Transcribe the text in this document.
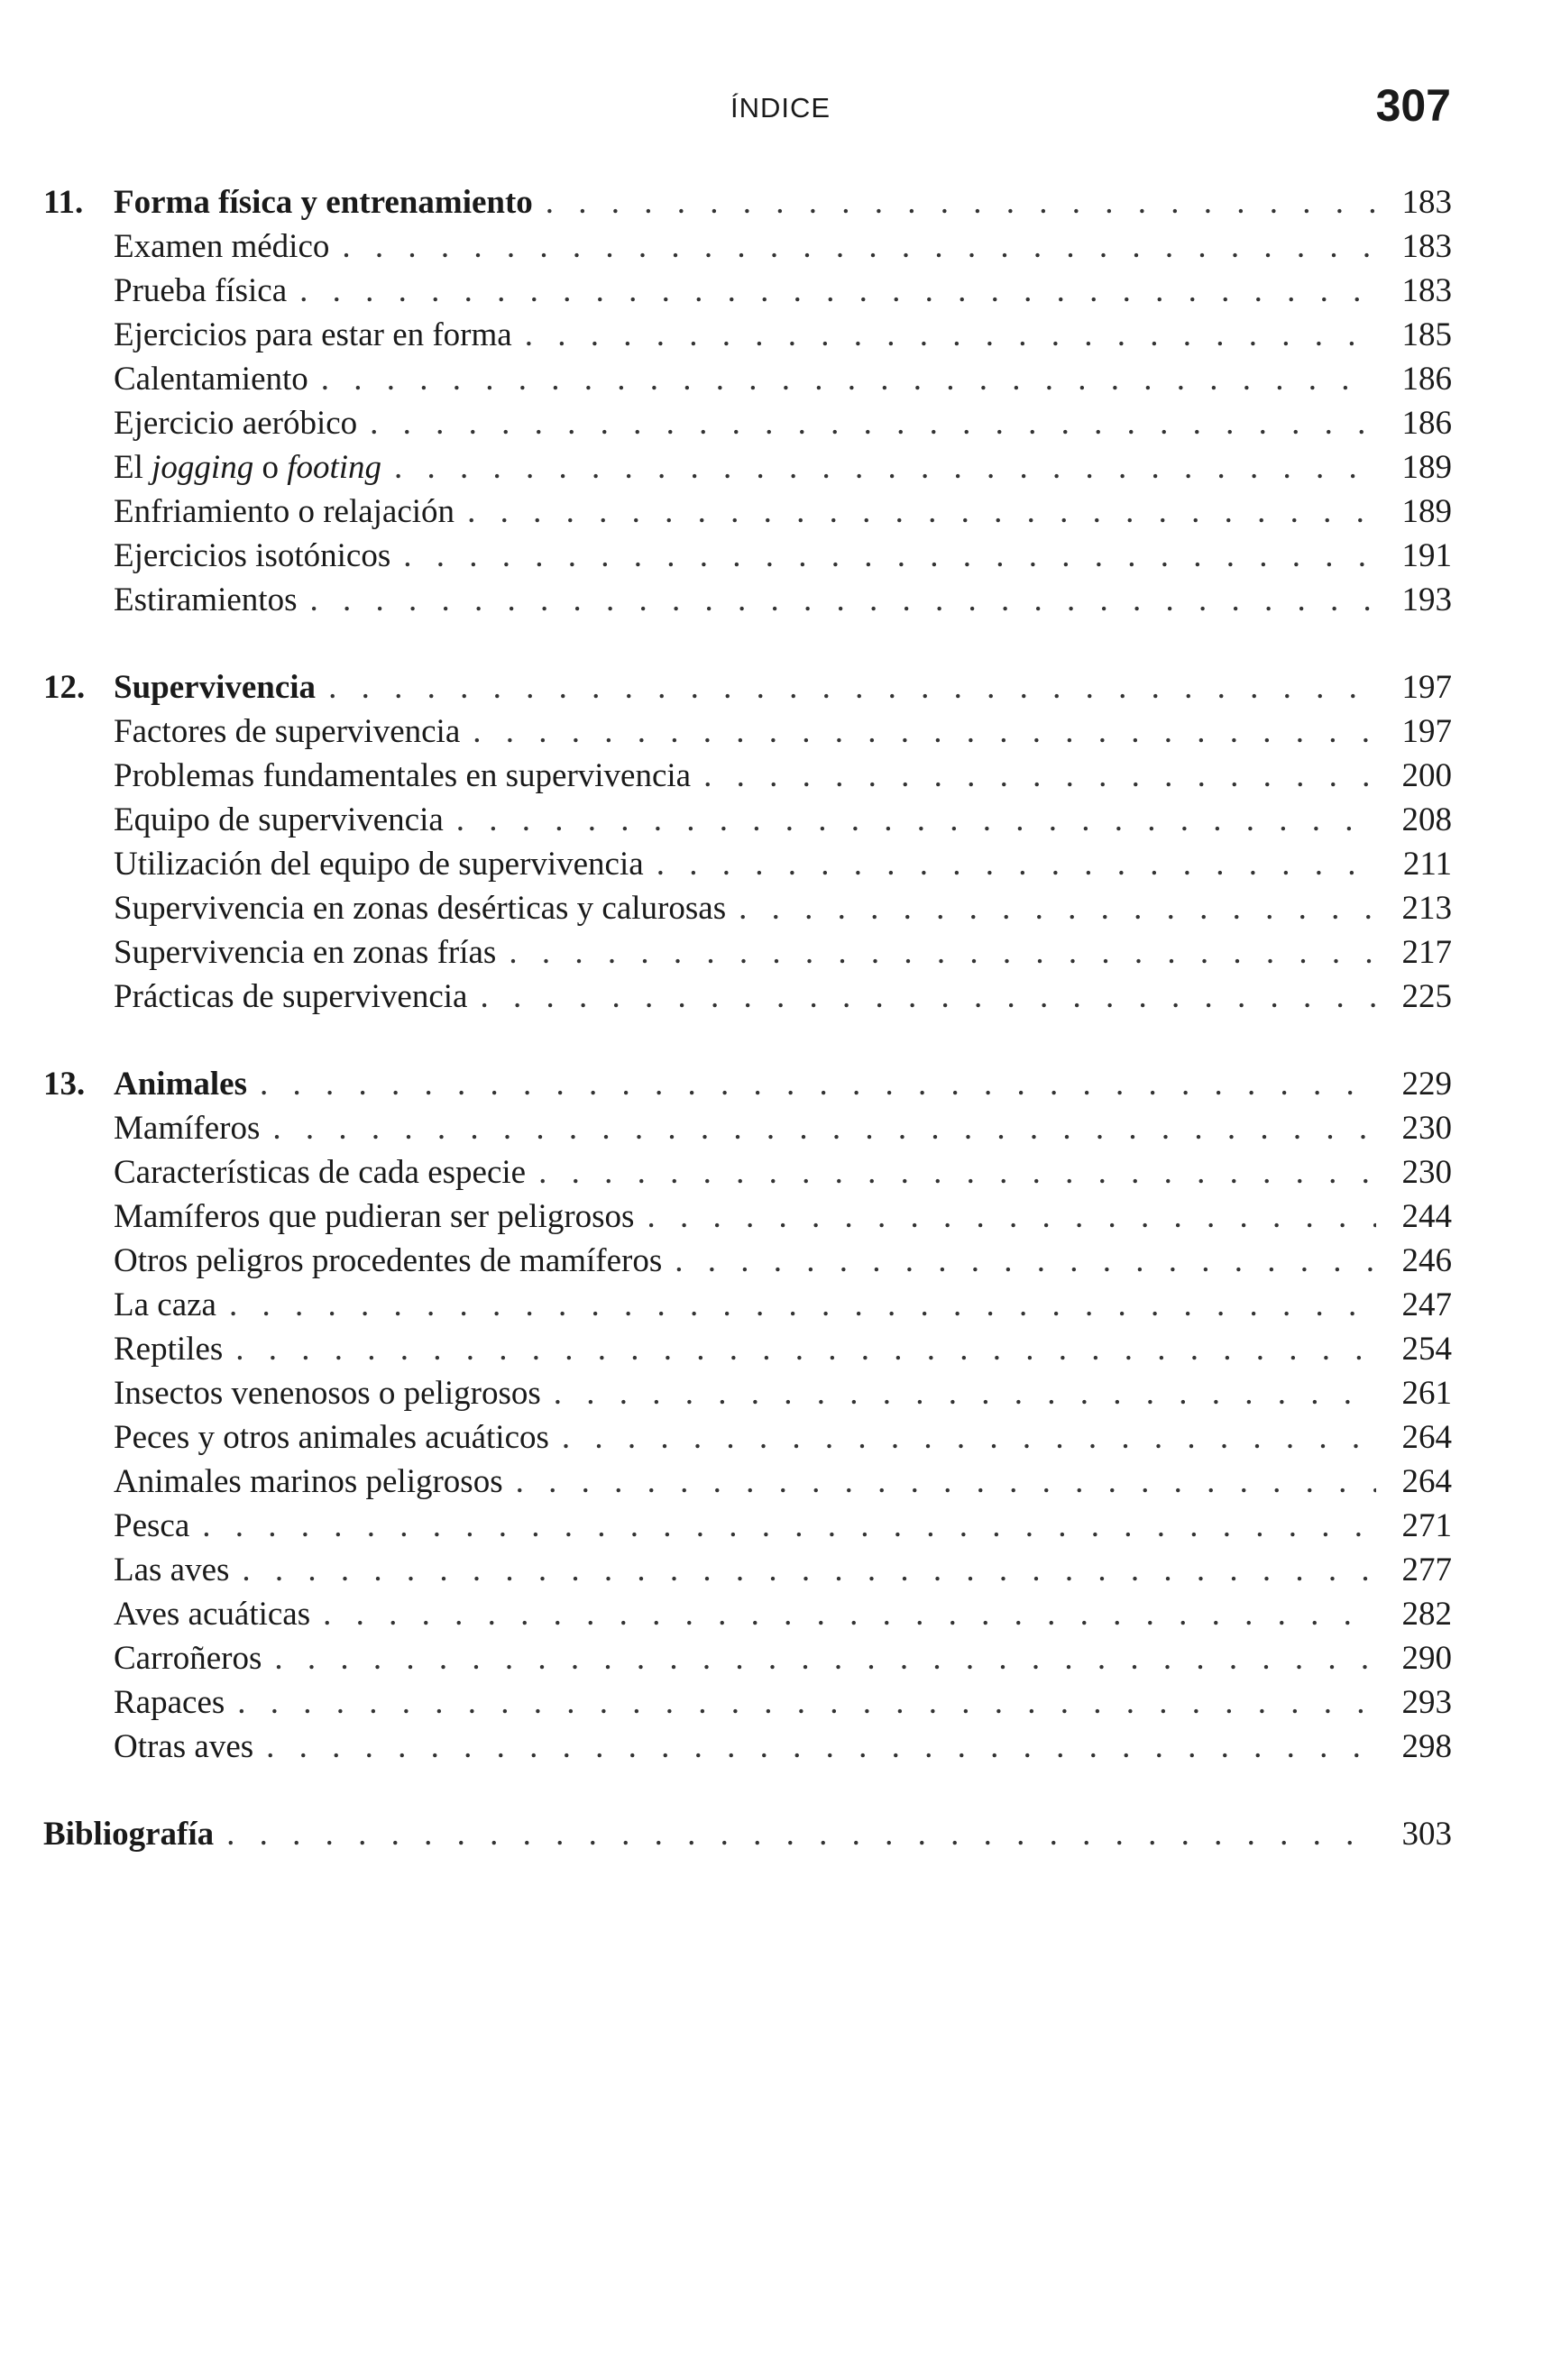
ÍNDICE	307
11. Forma física y entrenamiento . . .	183
Examen médico . . .	183
Prueba física . . .	183
Ejercicios para estar en forma . . .	185
Calentamiento . . .	186
Ejercicio aeróbico . . .	186
El jogging o footing . . .	189
Enfriamiento o relajación . . .	189
Ejercicios isotónicos . . .	191
Estiramientos . . .	193
12. Supervivencia . . .	197
Factores de supervivencia . . .	197
Problemas fundamentales en supervivencia . . .	200
Equipo de supervivencia . . .	208
Utilización del equipo de supervivencia . . .	211
Supervivencia en zonas desérticas y calurosas . . .	213
Supervivencia en zonas frías . . .	217
Prácticas de supervivencia . . .	225
13. Animales . . .	229
Mamíferos . . .	230
Características de cada especie . . .	230
Mamíferos que pudieran ser peligrosos . . .	244
Otros peligros procedentes de mamíferos . . .	246
La caza . . .	247
Reptiles . . .	254
Insectos venenosos o peligrosos . . .	261
Peces y otros animales acuáticos . . .	264
Animales marinos peligrosos . . .	264
Pesca . . .	271
Las aves . . .	277
Aves acuáticas . . .	282
Carroñeros . . .	290
Rapaces . . .	293
Otras aves . . .	298
Bibliografía . . .	303
